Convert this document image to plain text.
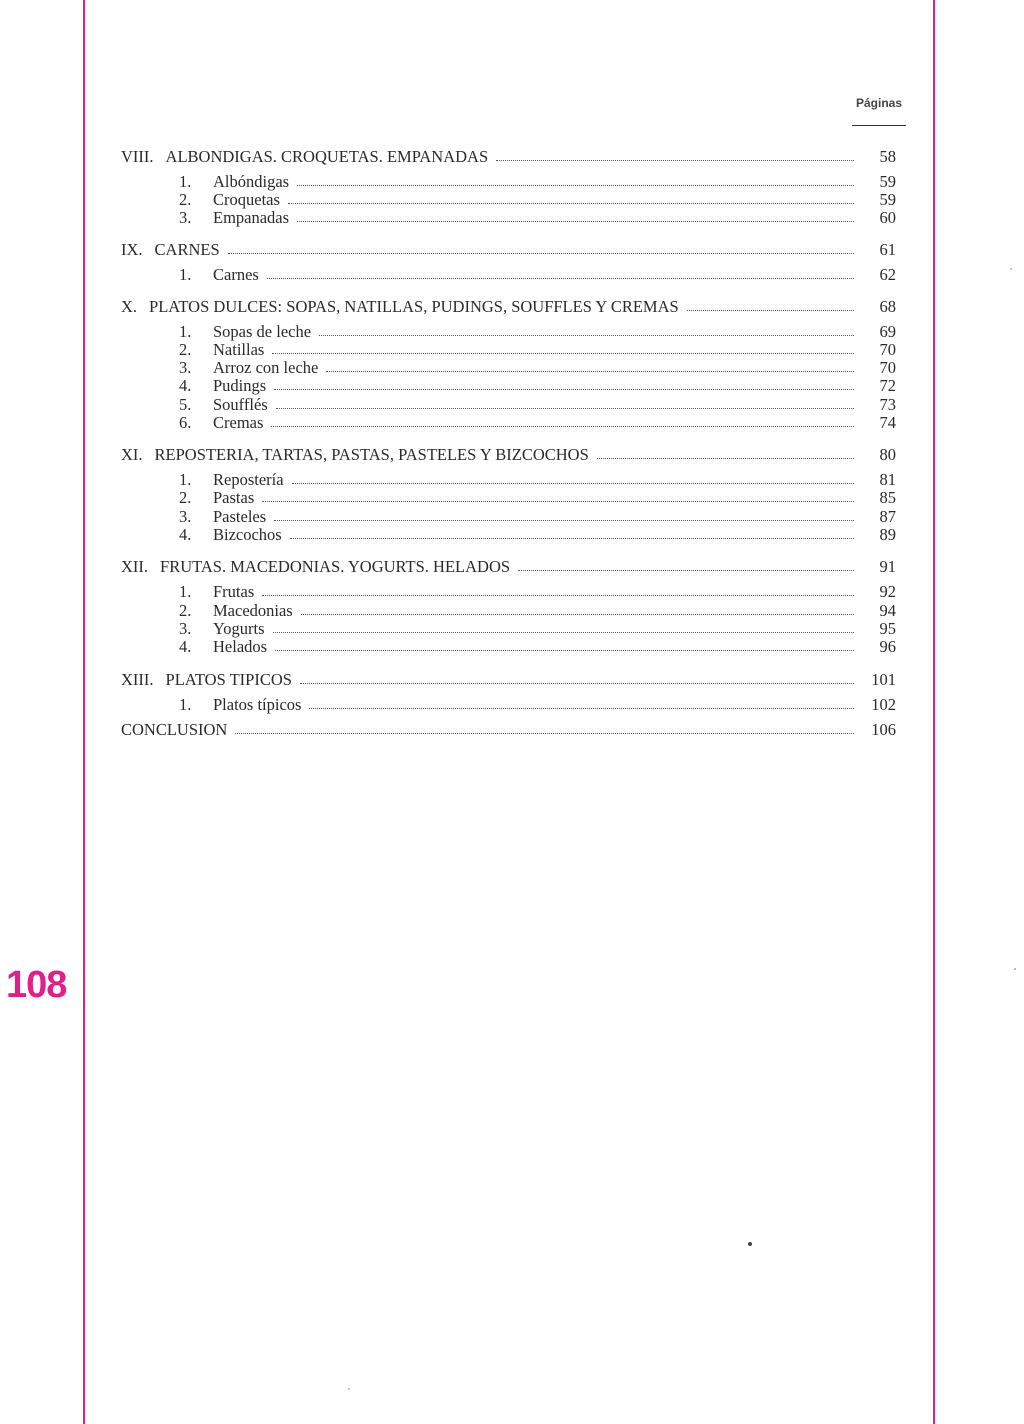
108
Páginas
VIII. ALBONDIGAS. CROQUETAS. EMPANADAS	58
1.	Albóndigas	59
2.	Croquetas	59
3.	Empanadas	60
IX. CARNES	61
1.	Carnes	62
X. PLATOS DULCES: SOPAS, NATILLAS, PUDINGS, SOUFFLES Y CREMAS	68
1.	Sopas de leche	69
2.	Natillas	70
3.	Arroz con leche	70
4.	Pudings	72
5.	Soufflés	73
6.	Cremas	74
XI. REPOSTERIA, TARTAS, PASTAS, PASTELES Y BIZCOCHOS	80
1.	Repostería	81
2.	Pastas	85
3.	Pasteles	87
4.	Bizcochos	89
XII. FRUTAS. MACEDONIAS. YOGURTS. HELADOS	91
1.	Frutas	92
2.	Macedonias	94
3.	Yogurts	95
4.	Helados	96
XIII. PLATOS TIPICOS	101
1.	Platos típicos	102
CONCLUSION	106
